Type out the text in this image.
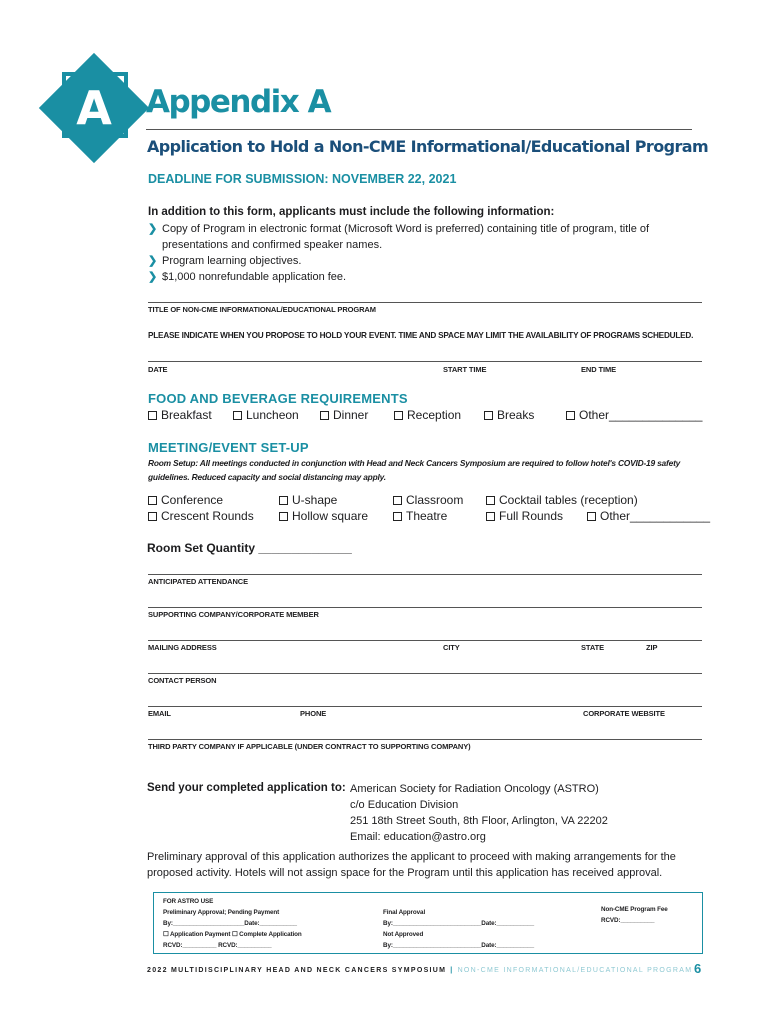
A	Appendix A
Application to Hold a Non-CME Informational/Educational Program
DEADLINE FOR SUBMISSION: NOVEMBER 22, 2021
In addition to this form, applicants must include the following information:
❯ Copy of Program in electronic format (Microsoft Word is preferred) containing title of program, title of presentations and confirmed speaker names.
❯ Program learning objectives.
❯ $1,000 nonrefundable application fee.
TITLE OF NON-CME INFORMATIONAL/EDUCATIONAL PROGRAM
PLEASE INDICATE WHEN YOU PROPOSE TO HOLD YOUR EVENT. TIME AND SPACE MAY LIMIT THE AVAILABILITY OF PROGRAMS SCHEDULED.
DATE	START TIME	END TIME
FOOD AND BEVERAGE REQUIREMENTS
Breakfast	Luncheon	Dinner	Reception	Breaks	Other______________
MEETING/EVENT SET-UP
Room Setup: All meetings conducted in conjunction with Head and Neck Cancers Symposium are required to follow hotel's COVID-19 safety guidelines. Reduced capacity and social distancing may apply.
Conference	U-shape	Classroom	Cocktail tables (reception)
Crescent Rounds	Hollow square	Theatre	Full Rounds	Other____________
Room Set Quantity ______________
ANTICIPATED ATTENDANCE
SUPPORTING COMPANY/CORPORATE MEMBER
MAILING ADDRESS	CITY	STATE	ZIP
CONTACT PERSON
EMAIL	PHONE	CORPORATE WEBSITE
THIRD PARTY COMPANY IF APPLICABLE (UNDER CONTRACT TO SUPPORTING COMPANY)
Send your completed application to: American Society for Radiation Oncology (ASTRO)
c/o Education Division
251 18th Street South, 8th Floor, Arlington, VA 22202
Email: education@astro.org
Preliminary approval of this application authorizes the applicant to proceed with making arrangements for the proposed activity. Hotels will not assign space for the Program until this application has received approval.
FOR ASTRO USE
Preliminary Approval; Pending Payment
By:_____________________Date:___________
☐ Application Payment ☐ Complete Application
RCVD:__________ RCVD:__________
Final Approval
By:__________________________Date:___________
Not Approved
By:__________________________Date:___________
Non-CME Program Fee
RCVD:__________
2022 MULTIDISCIPLINARY HEAD AND NECK CANCERS SYMPOSIUM | NON-CME INFORMATIONAL/EDUCATIONAL PROGRAM 6
